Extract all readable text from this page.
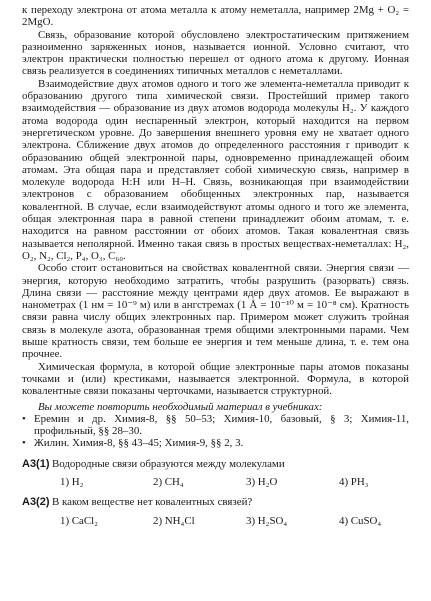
к переходу электрона от атома металла к атому неметалла, например 2Mg + O₂ = 2MgO.

Связь, образование которой обусловлено электростатическим притяжением разноименно заряженных ионов, называется ионной. Условно считают, что электрон практически полностью перешел от одного атома к другому. Ионная связь реализуется в соединениях типичных металлов с неметаллами.

Взаимодействие двух атомов одного и того же элемента-неметалла приводит к образованию другого типа химической связи. Простейший пример такого взаимодействия — образование из двух атомов водорода молекулы H₂. У каждого атома водорода один неспаренный электрон, который находится на первом энергетическом уровне. До завершения внешнего уровня ему не хватает одного электрона. Сближение двух атомов до определенного расстояния r приводит к образованию общей электронной пары, одновременно принадлежащей обоим атомам. Эта общая пара и представляет собой химическую связь, например в молекуле водорода H:H или H–H. Связь, возникающая при взаимодействии электронов с образованием обобщенных электронных пар, называется ковалентной. В случае, если взаимодействуют атомы одного и того же элемента, общая электронная пара в равной степени принадлежит обоим атомам, т. е. находится на равном расстоянии от обоих атомов. Такая ковалентная связь называется неполярной. Именно такая связь в простых веществах-неметаллах: H₂, O₂, N₂, Cl₂, P₄, O₃, C₆₀.

Особо стоит остановиться на свойствах ковалентной связи. Энергия связи — энергия, которую необходимо затратить, чтобы разрушить (разорвать) связь. Длина связи — расстояние между центрами ядер двух атомов. Ее выражают в нанометрах (1 нм = 10⁻⁹ м) или в ангстремах (1 Å = 10⁻¹⁰ м = 10⁻⁸ см). Кратность связи равна числу общих электронных пар. Примером может служить тройная связь в молекуле азота, образованная тремя общими электронными парами. Чем выше кратность связи, тем больше ее энергия и тем меньше длина, т. е. тем она прочнее.

Химическая формула, в которой общие электронные пары атомов показаны точками и (или) крестиками, называется электронной. Формула, в которой ковалентные связи показаны черточками, называется структурной.

Вы можете повторить необходимый материал в учебниках:

• Еремин и др. Химия-8, §§ 50–53; Химия-10, базовый, § 3; Химия-11, профильный, §§ 28–30.

• Жилин. Химия-8, §§ 43–45; Химия-9, §§ 2, 3.

А3(1) Водородные связи образуются между молекулами
1) H₂	2) CH₄	3) H₂O	4) PH₃
А3(2) В каком веществе нет ковалентных связей?
1) CaCl₂	2) NH₄Cl	3) H₂SO₄	4) CuSO₄
